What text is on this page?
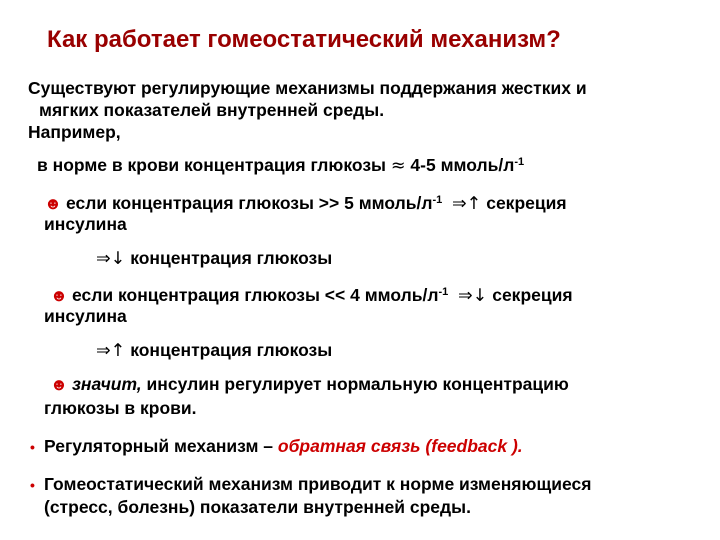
Как работает гомеостатический механизм?
Существуют регулирующие механизмы поддержания жестких и
мягких показателей внутренней среды.
Например,
в норме в крови концентрация глюкозы ≈ 4-5 ммоль/$л^{-1}$
☻ если концентрация глюкозы >> 5 ммоль/$л^{-1}$ ⇒↑ секреция
инсулина
⇒↓ концентрация глюкозы
☻ если концентрация глюкозы << 4 ммоль/$л^{-1}$ ⇒↓ секреция
инсулина
⇒↑ концентрация глюкозы
☻ значит, инсулин регулирует нормальную концентрацию
глюкозы в крови.
• Регуляторный механизм – обратная связь (feedback ).
• Гомеостатический механизм приводит к норме изменяющиеся
(стресс, болезнь) показатели внутренней среды.
